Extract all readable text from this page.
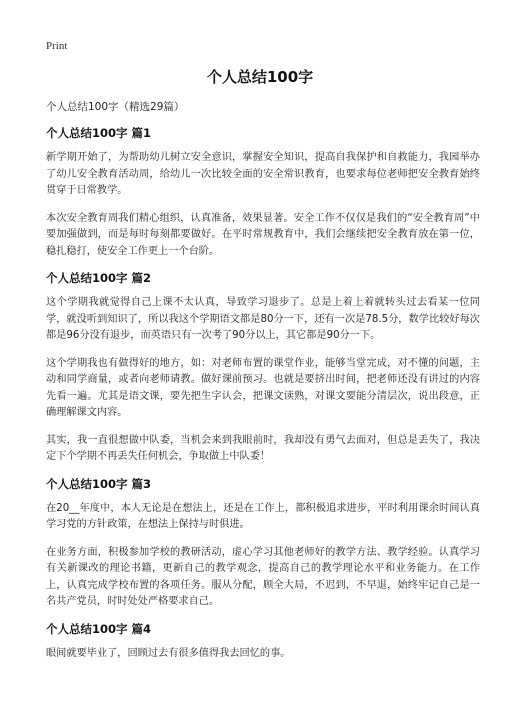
Print
个人总结100字
个人总结100字（精选29篇）
个人总结100字 篇1

新学期开始了，为帮助幼儿树立安全意识，掌握安全知识，提高自我保护和自救能力，我园举办了幼儿安全教育活动周，给幼儿一次比较全面的安全常识教育，也要求每位老师把安全教育始终贯穿于日常教学。

本次安全教育周我们精心组织，认真准备，效果显著。安全工作不仅仅是我们的“安全教育周”中要加强做到，而是每时每刻都要做好。在平时常规教育中，我们会继续把安全教育放在第一位，稳扎稳打，使安全工作更上一个台阶。

个人总结100字 篇2

这个学期我就觉得自己上课不太认真，导致学习退步了。总是上着上着就转头过去看某一位同学，就没听到知识了，所以我这个学期语文都是80分一下，还有一次是78.5分，数学比较好每次都是96分没有退步，而英语只有一次考了90分以上，其它都是90分一下。

这个学期我也有做得好的地方，如：对老师布置的课堂作业，能够当堂完成，对不懂的问题，主动和同学商量，或者向老师请教。做好课前预习。也就是要挤出时间，把老师还没有讲过的内容先看一遍。尤其是语文课，要先把生字认会，把课文读熟，对课文要能分清层次，说出段意，正确理解课文内容。

其实，我一直很想做中队委，当机会来到我眼前时，我却没有勇气去面对，但总是丢失了，我决定下个学期不再丢失任何机会，争取做上中队委！

个人总结100字 篇3

在20__年度中，本人无论是在想法上，还是在工作上，都积极追求进步，平时利用课余时间认真学习党的方针政策，在想法上保持与时俱进。

在业务方面，积极参加学校的教研活动，虚心学习其他老师好的教学方法、教学经验。认真学习有关新课改的理论书籍，更新自己的教学观念，提高自己的教学理论水平和业务能力。在工作上，认真完成学校布置的各项任务。服从分配，顾全大局，不迟到，不早退，始终牢记自己是一名共产党员，时时处处严格要求自己。

个人总结100字 篇4

眼间就要毕业了，回顾过去有很多值得我去回忆的事。
